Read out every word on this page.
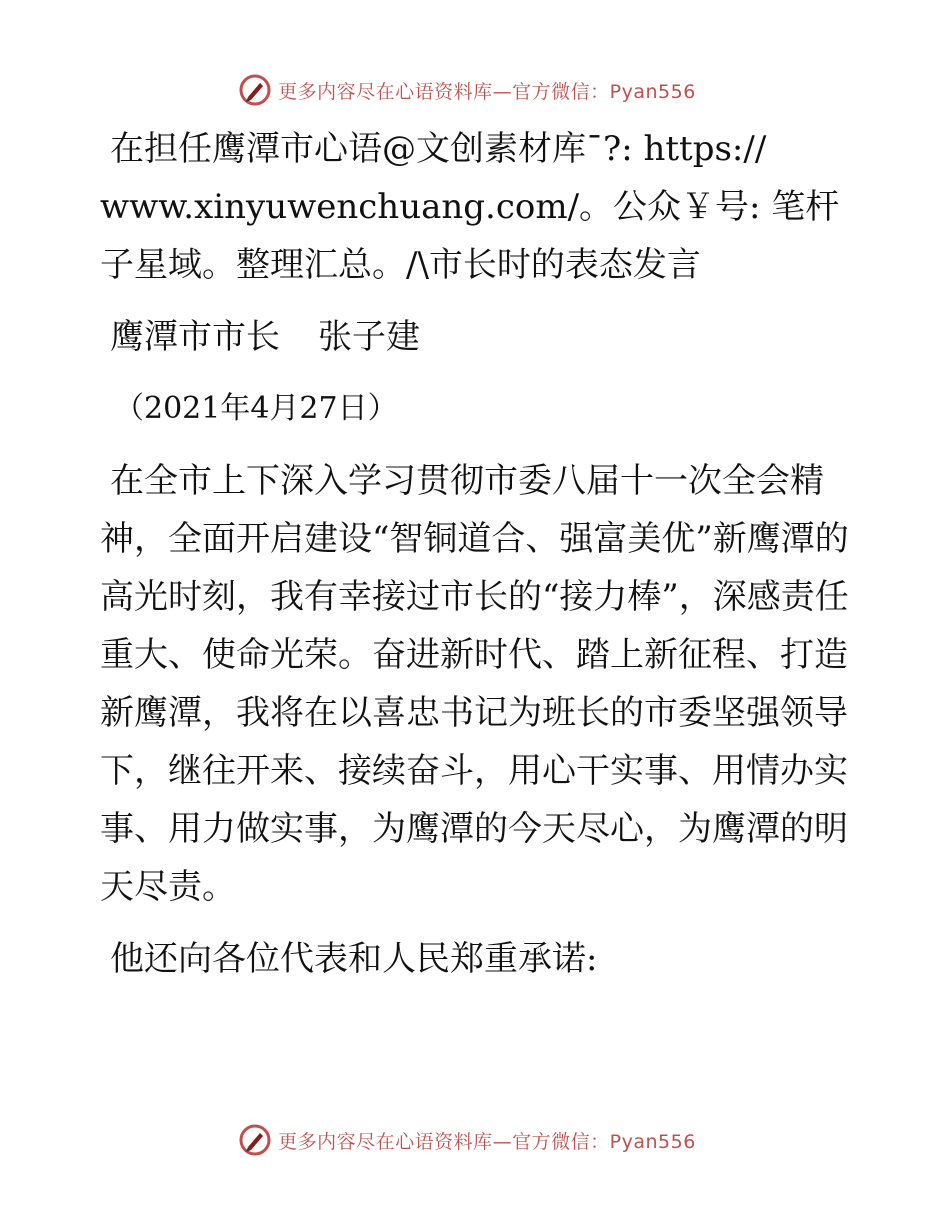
更多内容尽在心语资料库—官方微信：Pyan556

在担任鹰潭市心语@文创素材库¯?: https:// www.xinyuwenchuang.com/。公众￥号: 笔杆子星域。整理汇总。/\市长时的表态发言

鹰潭市市长 张子建

（2021年4月27日）

在全市上下深入学习贯彻市委八届十一次全会精神，全面开启建设“智铜道合、强富美优”新鹰潭的高光时刻，我有幸接过市长的“接力棒”，深感责任重大、使命光荣。奋进新时代、踏上新征程、打造新鹰潭，我将在以喜忠书记为班长的市委坚强领导下，继往开来、接续奋斗，用心干实事、用情办实事、用力做实事，为鹰潭的今天尽心，为鹰潭的明天尽责。

他还向各位代表和人民郑重承诺:

更多内容尽在心语资料库—官方微信：Pyan556
